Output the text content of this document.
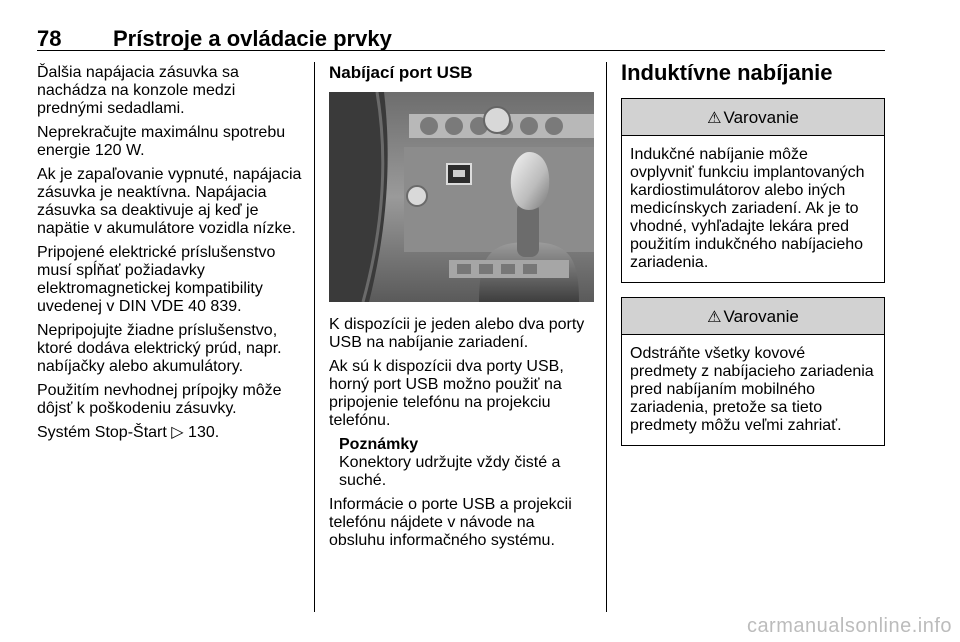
78 Prístroje a ovládacie prvky

Ďalšia napájacia zásuvka sa nachádza na konzole medzi prednými sedadlami.

Neprekračujte maximálnu spotrebu energie 120 W.

Ak je zapaľovanie vypnuté, napájacia zásuvka je neaktívna. Napájacia zásuvka sa deaktivuje aj keď je napätie v akumulátore vozidla nízke.

Pripojené elektrické príslušenstvo musí spĺňať požiadavky elektromagnetickej kompatibility uvedenej v DIN VDE 40 839.

Nepripojujte žiadne príslušenstvo, ktoré dodáva elektrický prúd, napr. nabíjačky alebo akumulátory.

Použitím nevhodnej prípojky môže dôjsť k poškodeniu zásuvky.

Systém Stop-Štart ▷ 130.

Nabíjací port USB

K dispozícii je jeden alebo dva porty USB na nabíjanie zariadení.

Ak sú k dispozícii dva porty USB, horný port USB možno použiť na pripojenie telefónu na projekciu telefónu.

Poznámky
Konektory udržujte vždy čisté a suché.

Informácie o porte USB a projekcii telefónu nájdete v návode na obsluhu informačného systému.

Induktívne nabíjanie
⚠ Varovanie
Indukčné nabíjanie môže ovplyvniť funkciu implantovaných kardiostimulátorov alebo iných medicínskych zariadení. Ak je to vhodné, vyhľadajte lekára pred použitím indukčného nabíjacieho zariadenia.
⚠ Varovanie
Odstráňte všetky kovové predmety z nabíjacieho zariadenia pred nabíjaním mobilného zariadenia, pretože sa tieto predmety môžu veľmi zahriať.
carmanualsonline.info
